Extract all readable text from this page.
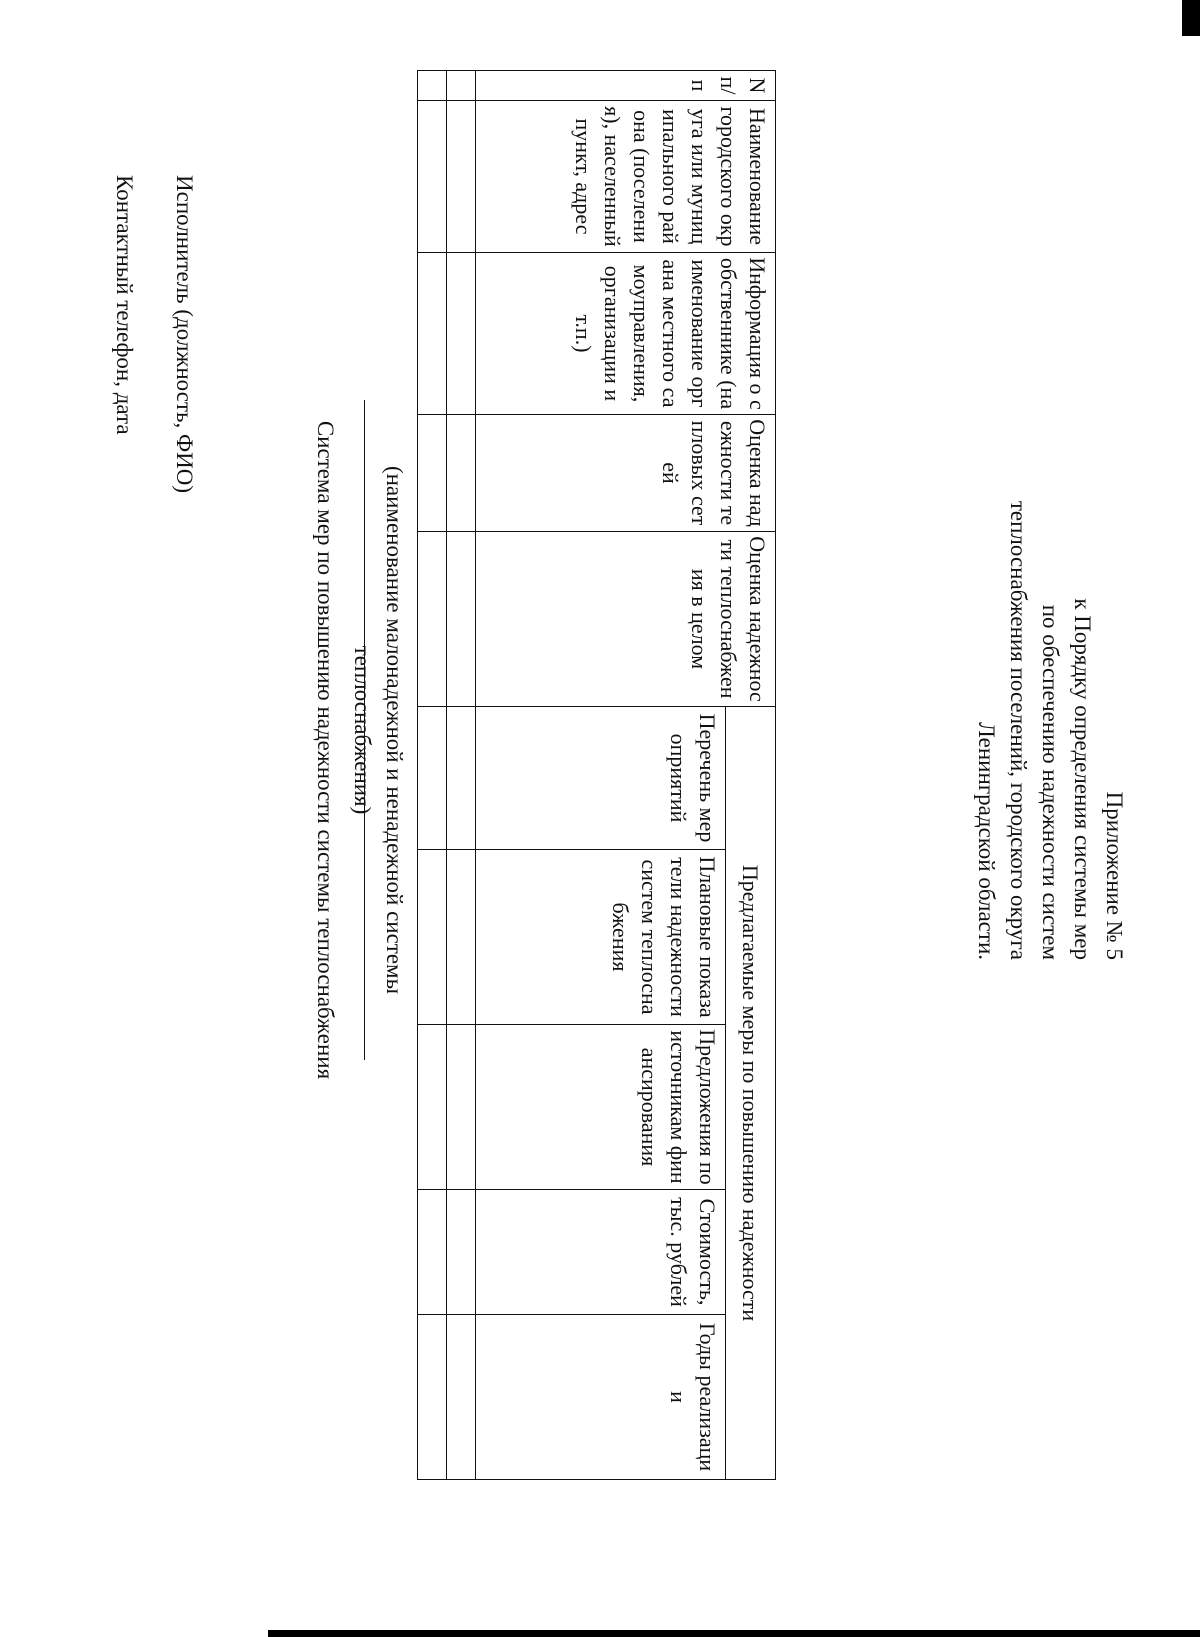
Приложение № 5
к Порядку определения системы мер
по обеспечению надежности систем
теплоснабжения поселений, городского округа
Ленинградской области.
Система мер по повышению надежности системы теплоснабжения	(наименование малонадежной и ненадежной системы теплоснабжения)
N п/п	Наименование городского округа или муниципального района (поселения), населенный пункт, адрес	Информация о собственнике (наименование органа местного самоуправления, организации и т.п.)	Оценка надежности тепловых сетей	Оценка надежности теплоснабжения в целом	Предлагаемые меры по повышению надежности				
					Перечень мероприятий	Плановые показатели надежности систем теплоснабжения	Предложения по источникам финансирования	Стоимость, тыс. рублей	Годы реализации

Исполнитель (должность, ФИО)
Контактный телефон, дата
